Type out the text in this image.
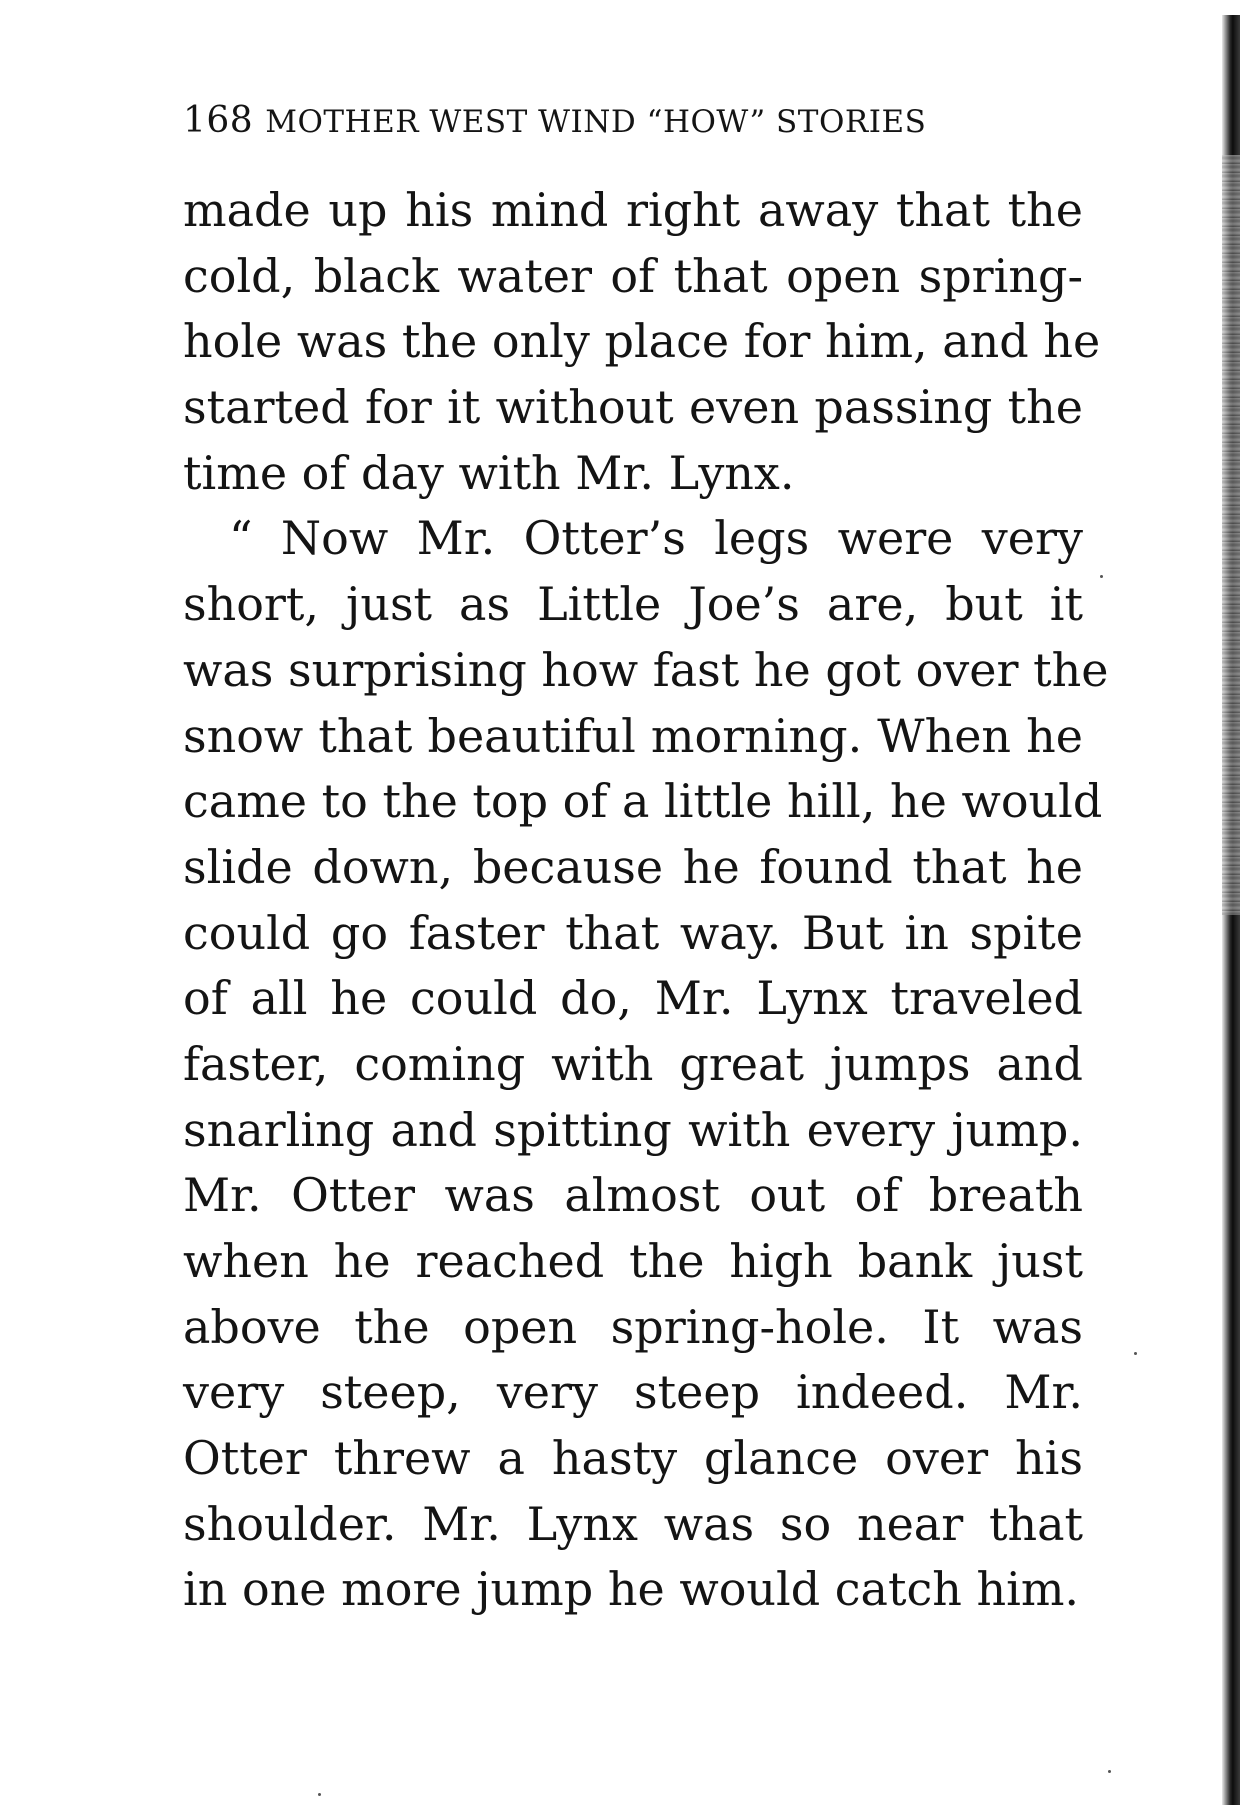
168 MOTHER WEST WIND “HOW” STORIES
made up his mind right away that the
cold, black water of that open spring-
hole was the only place for him, and he
started for it without even passing the
time of day with Mr. Lynx.
“ Now Mr. Otter’s legs were very
short, just as Little Joe’s are, but it
was surprising how fast he got over the
snow that beautiful morning. When he
came to the top of a little hill, he would
slide down, because he found that he
could go faster that way. But in spite
of all he could do, Mr. Lynx traveled
faster, coming with great jumps and
snarling and spitting with every jump.
Mr. Otter was almost out of breath
when he reached the high bank just
above the open spring-hole. It was
very steep, very steep indeed. Mr.
Otter threw a hasty glance over his
shoulder. Mr. Lynx was so near that
in one more jump he would catch him.
